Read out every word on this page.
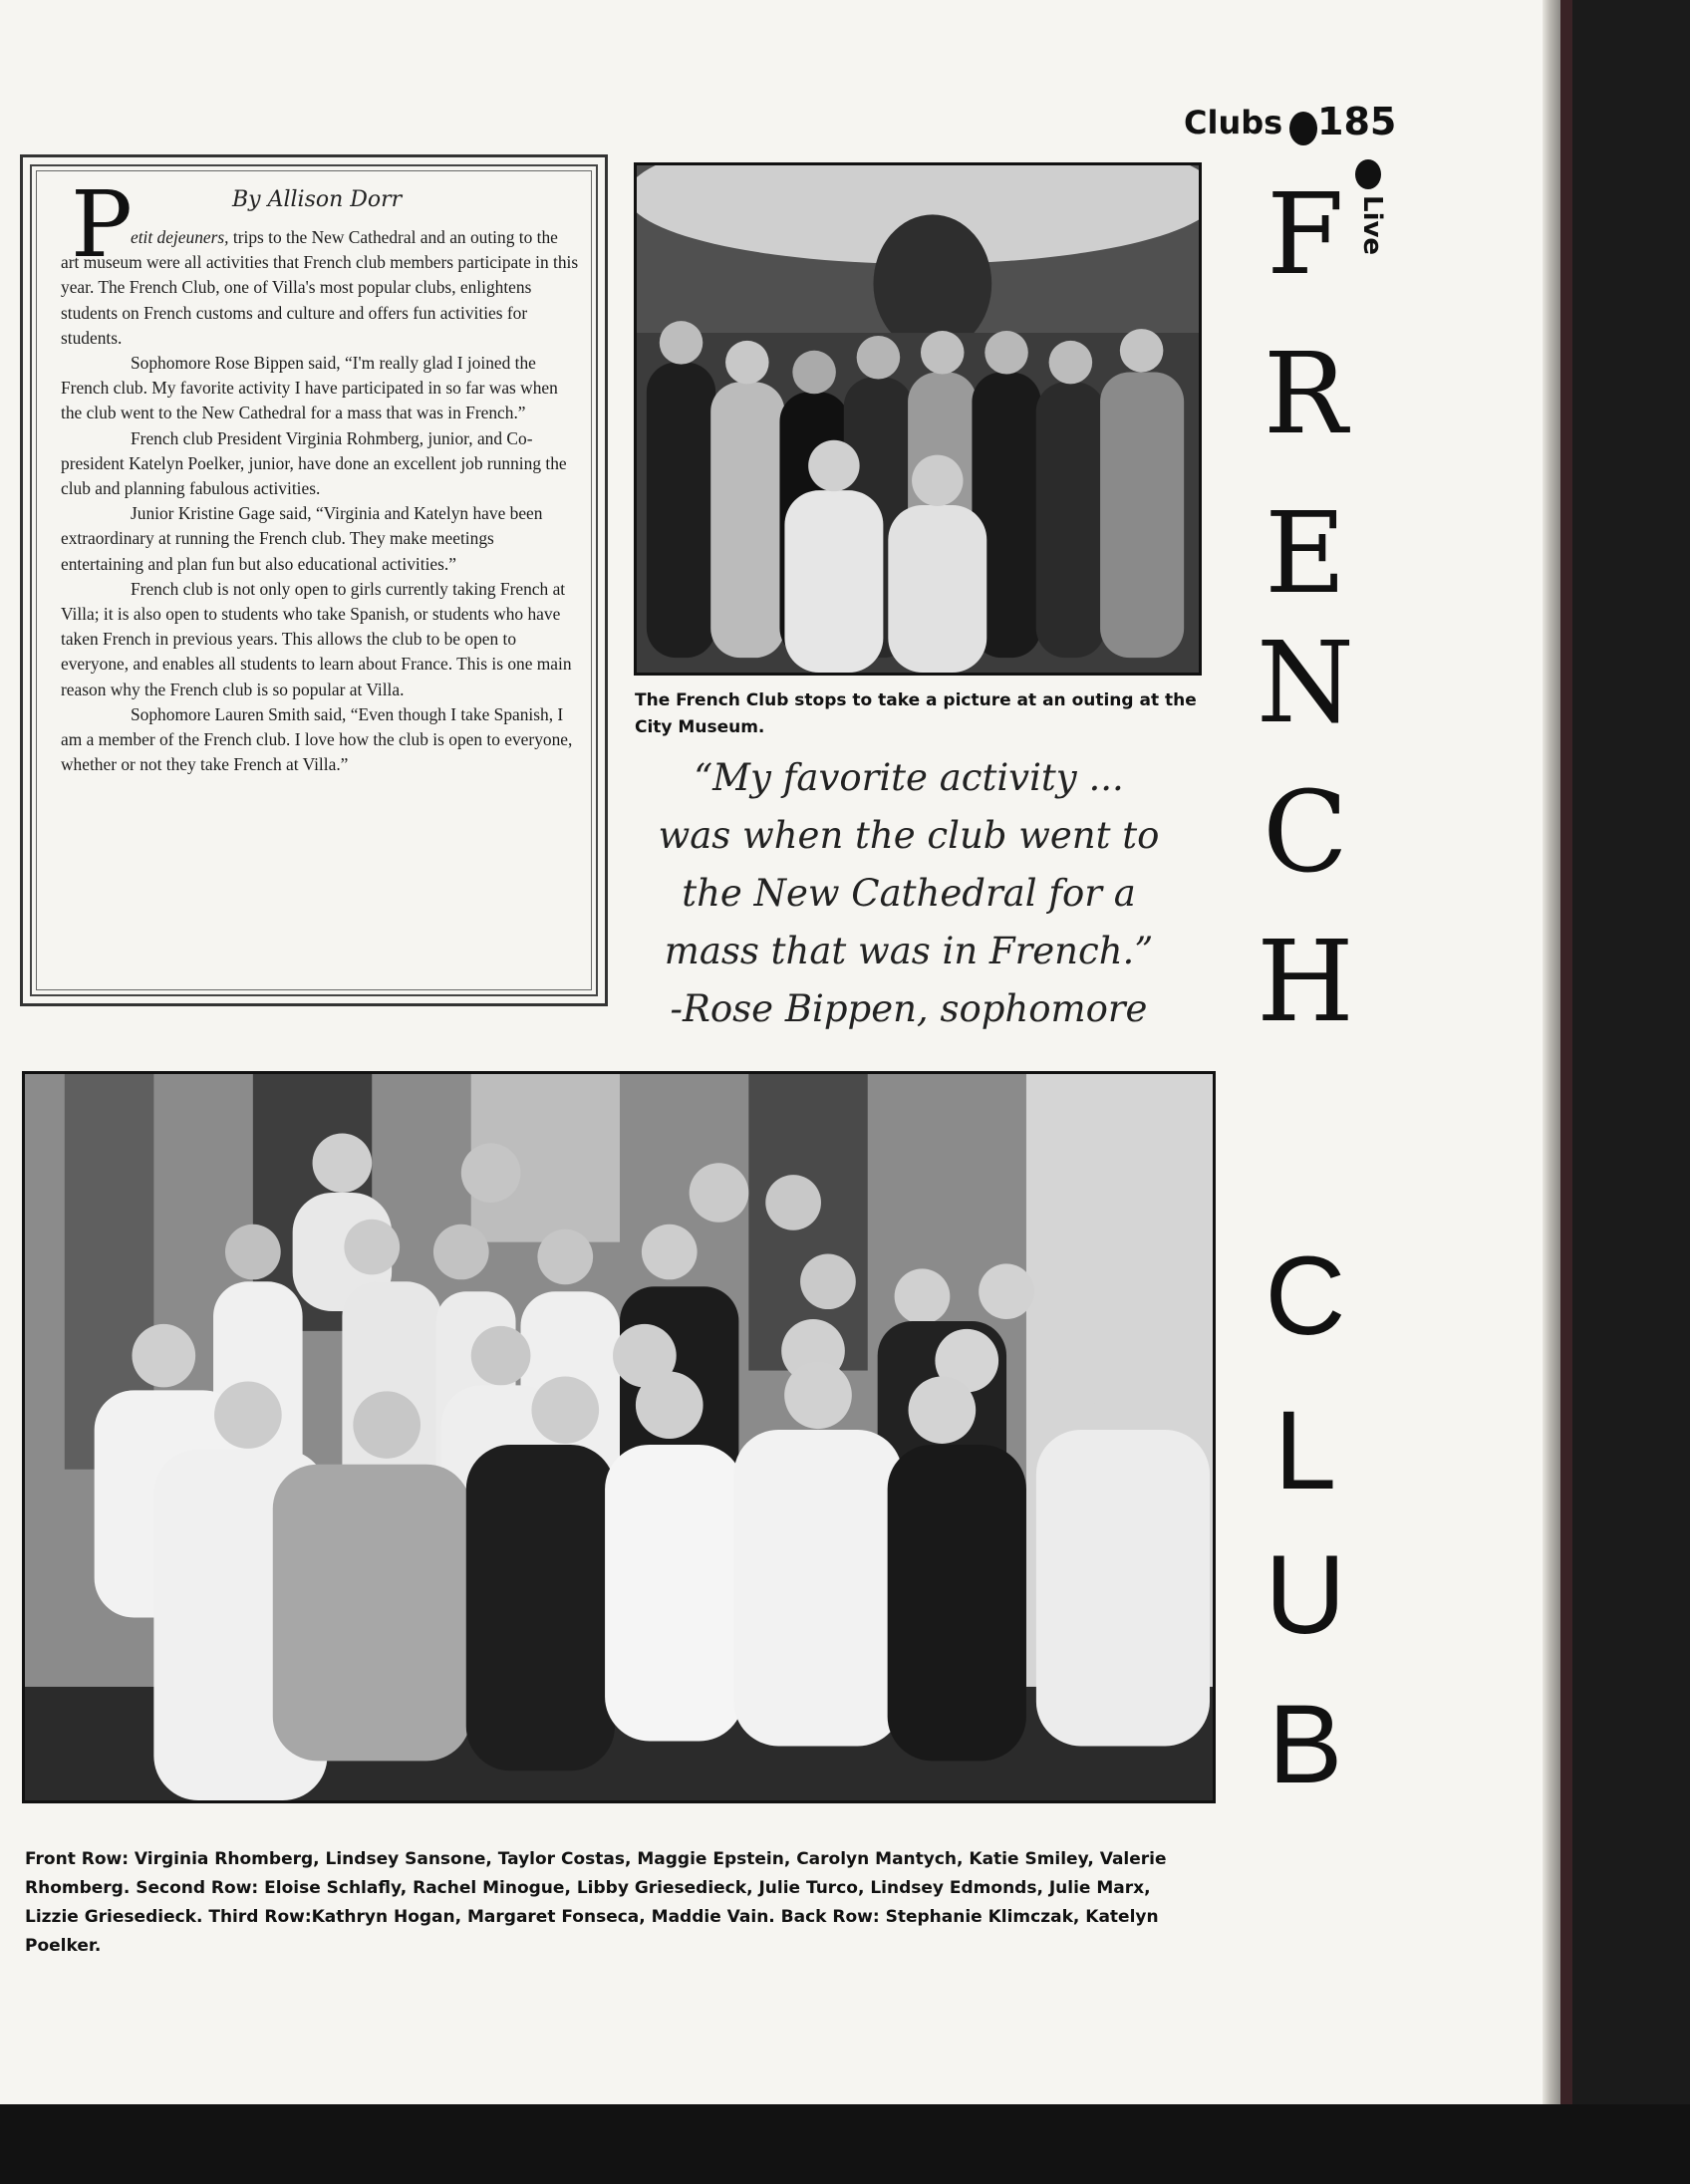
Clubs 185
Live
F
R
E
N
C
H
C
L
U
B
P	By Allison Dorr

etit dejeuners, trips to the New Cathedral and an outing to the art museum were all activities that French club members participate in this year. The French Club, one of Villa's most popular clubs, enlightens students on French customs and culture and offers fun activities for students.

Sophomore Rose Bippen said, “I'm really glad I joined the French club. My favorite activity I have participated in so far was when the club went to the New Cathedral for a mass that was in French.”

French club President Virginia Rohmberg, junior, and Co-president Katelyn Poelker, junior, have done an excellent job running the club and planning fabulous activities.

Junior Kristine Gage said, “Virginia and Katelyn have been extraordinary at running the French club. They make meetings entertaining and plan fun but also educational activities.”

French club is not only open to girls currently taking French at Villa; it is also open to students who take Spanish, or students who have taken French in previous years. This allows the club to be open to everyone, and enables all students to learn about France. This is one main reason why the French club is so popular at Villa.

Sophomore Lauren Smith said, “Even though I take Spanish, I am a member of the French club. I love how the club is open to everyone, whether or not they take French at Villa.”

The French Club stops to take a picture at an outing at the City Museum.
“My favorite activity ...
was when the club went to
the New Cathedral for a
mass that was in French.”
-Rose Bippen, sophomore
Front Row: Virginia Rhomberg, Lindsey Sansone, Taylor Costas, Maggie Epstein, Carolyn Mantych, Katie Smiley, Valerie Rhomberg. Second Row: Eloise Schlafly, Rachel Minogue, Libby Griesedieck, Julie Turco, Lindsey Edmonds, Julie Marx, Lizzie Griesedieck. Third Row:Kathryn Hogan, Margaret Fonseca, Maddie Vain. Back Row: Stephanie Klimczak, Katelyn Poelker.
